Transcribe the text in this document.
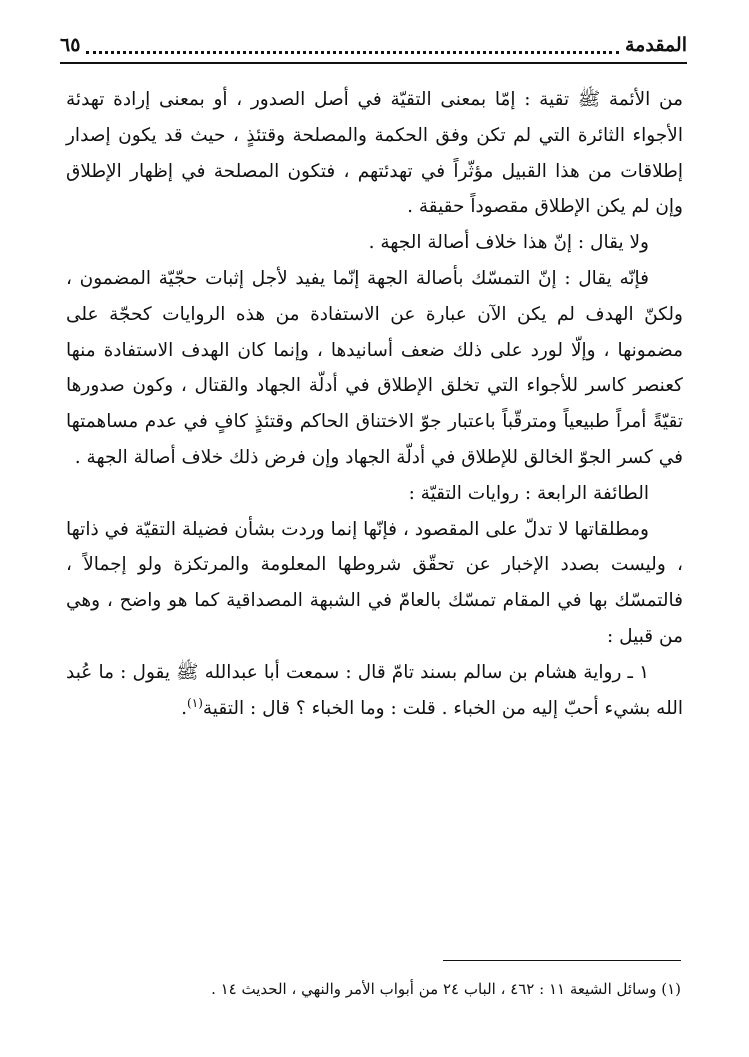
المقدمة
٦٥

من الأئمة ﷺ تقية : إمّا بمعنى التقيّة في أصل الصدور ، أو بمعنى إرادة تهدئة الأجواء الثائرة التي لم تكن وفق الحكمة والمصلحة وقتئذٍ ، حيث قد يكون إصدار إطلاقات من هذا القبيل مؤثّراً في تهدئتهم ، فتكون المصلحة في إظهار الإطلاق وإن لم يكن الإطلاق مقصوداً حقيقة .

ولا يقال : إنّ هذا خلاف أصالة الجهة .

فإنّه يقال : إنّ التمسّك بأصالة الجهة إنّما يفيد لأجل إثبات حجّيّة المضمون ، ولكنّ الهدف لم يكن الآن عبارة عن الاستفادة من هذه الروايات كحجّة على مضمونها ، وإلّا لورد على ذلك ضعف أسانيدها ، وإنما كان الهدف الاستفادة منها كعنصر كاسر للأجواء التي تخلق الإطلاق في أدلّة الجهاد والقتال ، وكون صدورها تقيّةً أمراً طبيعياً ومترقّباً باعتبار جوّ الاختناق الحاكم وقتئذٍ كافٍ في عدم مساهمتها في كسر الجوّ الخالق للإطلاق في أدلّة الجهاد وإن فرض ذلك خلاف أصالة الجهة .

الطائفة الرابعة : روايات التقيّة :

ومطلقاتها لا تدلّ على المقصود ، فإنّها إنما وردت بشأن فضيلة التقيّة في ذاتها ، وليست بصدد الإخبار عن تحقّق شروطها المعلومة والمرتكزة ولو إجمالاً ، فالتمسّك بها في المقام تمسّك بالعامّ في الشبهة المصداقية كما هو واضح ، وهي من قبيل :

١ ـ رواية هشام بن سالم بسند تامّ قال : سمعت أبا عبدالله ﷺ يقول : ما عُبد الله بشيء أحبّ إليه من الخباء . قلت : وما الخباء ؟ قال : التقية$^{(١)}$.

(١) وسائل الشيعة ١١ : ٤٦٢ ، الباب ٢٤ من أبواب الأمر والنهي ، الحديث ١٤ .
